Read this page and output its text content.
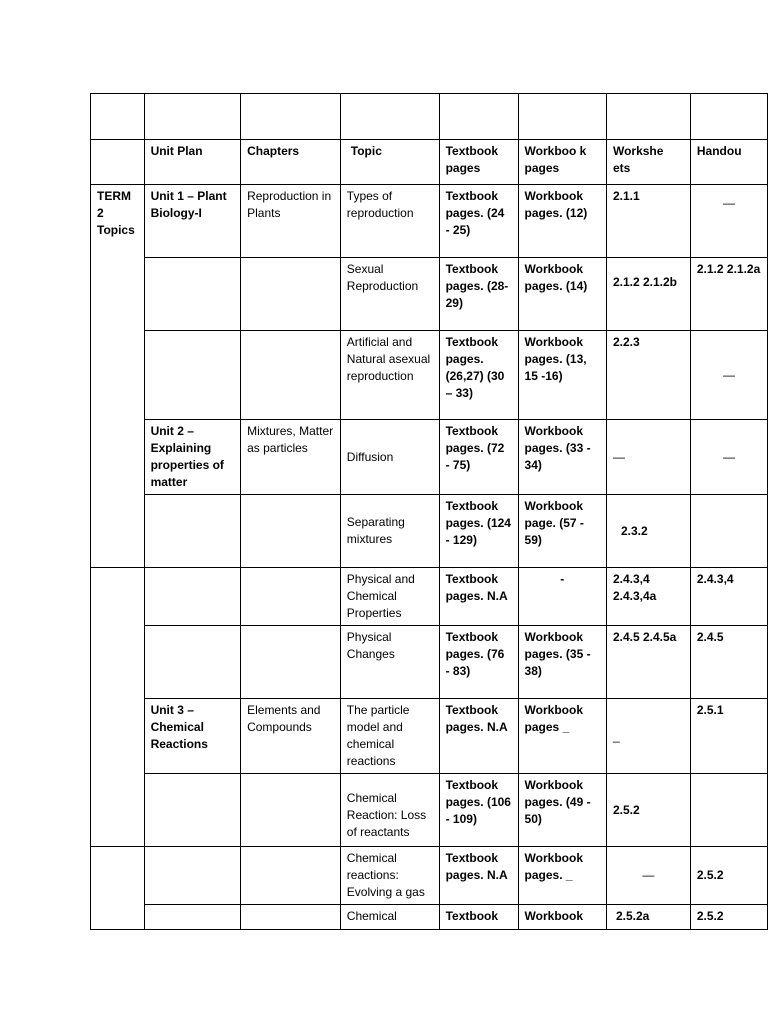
	Unit Plan	Chapters	Topic	Textbook pages	Workboo k pages	Workshe ets	Handou
TERM 2 Topics	Unit 1 – Plant Biology-I	Reproduction in Plants	Types of reproduction	Textbook pages. (24 - 25)	Workbook pages. (12)	2.1.1	—
			Sexual Reproduction	Textbook pages. (28-29)	Workbook pages. (14)	2.1.2 2.1.2b	2.1.2 2.1.2a
			Artificial and Natural asexual reproduction	Textbook pages. (26,27) (30 – 33)	Workbook pages. (13, 15 -16)	2.2.3	—
	Unit 2 – Explaining properties of matter	Mixtures, Matter as particles	Diffusion	Textbook pages. (72 - 75)	Workbook pages. (33 - 34)	—	—
			Separating mixtures	Textbook pages. (124 - 129)	Workbook page. (57 - 59)	2.3.2	
			Physical and Chemical Properties	Textbook pages. N.A	-	2.4.3,4 2.4.3,4a	2.4.3,4
			Physical Changes	Textbook pages. (76 - 83)	Workbook pages. (35 - 38)	2.4.5 2.4.5a	2.4.5
	Unit 3 – Chemical Reactions	Elements and Compounds	The particle model and chemical reactions	Textbook pages. N.A	Workbook pages _	_	2.5.1
			Chemical Reaction: Loss of reactants	Textbook pages. (106 - 109)	Workbook pages. (49 - 50)	2.5.2	
			Chemical reactions: Evolving a gas	Textbook pages. N.A	Workbook pages. _	—	2.5.2
			Chemical	Textbook	Workbook	2.5.2a	2.5.2
